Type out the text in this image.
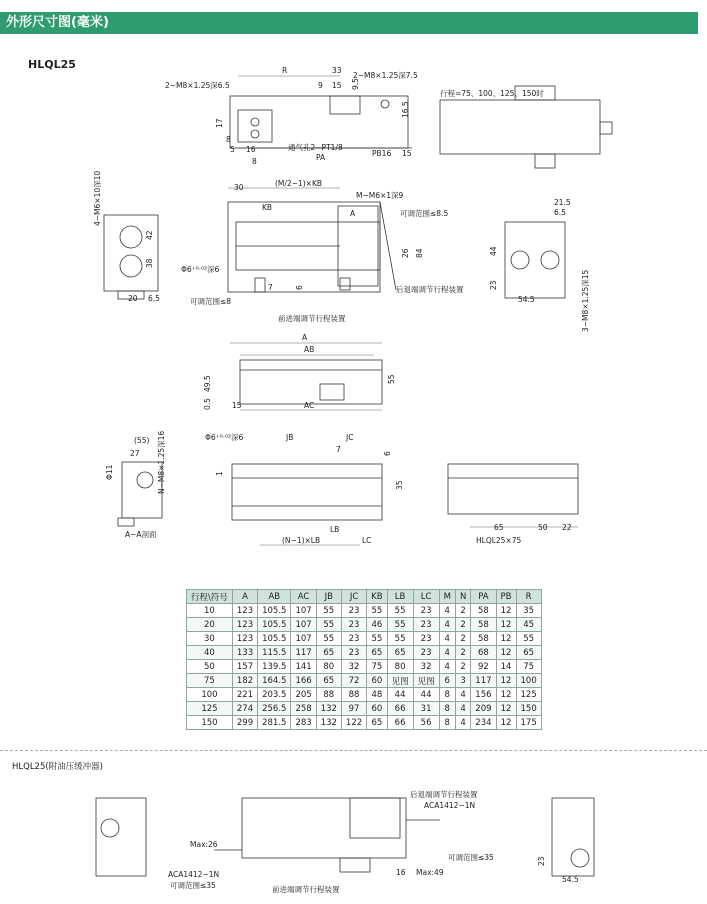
外形尺寸图(毫米)
HLQL25
2−M8×1.25深6.5
2−M8×1.25深7.5
行程=75、100、125、150时
通气孔2−PT1/8
(M/2−1)×KB
M−M6×1深9
可调范围≤8.5
后退端调节行程装置
Φ6⁺⁰·⁰²深6
可调范围≤8
前进端调节行程装置
Φ6⁺⁰·⁰²深6
A−A剖面
HLQL25×75
(N−1)×LB
后退端调节行程装置
ACA1412−1N
Max:26
ACA1412−1N
可调范围≤35
可调范围≤35
Max:49
前进端调节行程装置
4−M6×10深10
3−M8×1.25深15
N−M8×1.25深16
R	33
9 15 9.5
16.5
17
8
5 16
8	PA	PB16 15
30
KB
A
26 84
42
38
20 6.5
7	6
21.5
6.5
44
23
54.5
A
AB
49.5	55
0.5	15	AC
(55)
27
Φ11
JB	JC
7
1
6
35
LB
LC
65	50 22
16
23
54.5
行程\符号	A	AB	AC	JB	JC	KB	LB	LC	M	N	PA	PB	R
10	123	105.5	107	55	23	55	55	23	4	2	58	12	35
20	123	105.5	107	55	23	46	55	23	4	2	58	12	45
30	123	105.5	107	55	23	55	55	23	4	2	58	12	55
40	133	115.5	117	65	23	65	65	23	4	2	68	12	65
50	157	139.5	141	80	32	75	80	32	4	2	92	14	75
75	182	164.5	166	65	72	60	见图	见图	6	3	117	12	100
100	221	203.5	205	88	88	48	44	44	8	4	156	12	125
125	274	256.5	258	132	97	60	66	31	8	4	209	12	150
150	299	281.5	283	132	122	65	66	56	8	4	234	12	175
HLQL25(附油压缓冲器)
